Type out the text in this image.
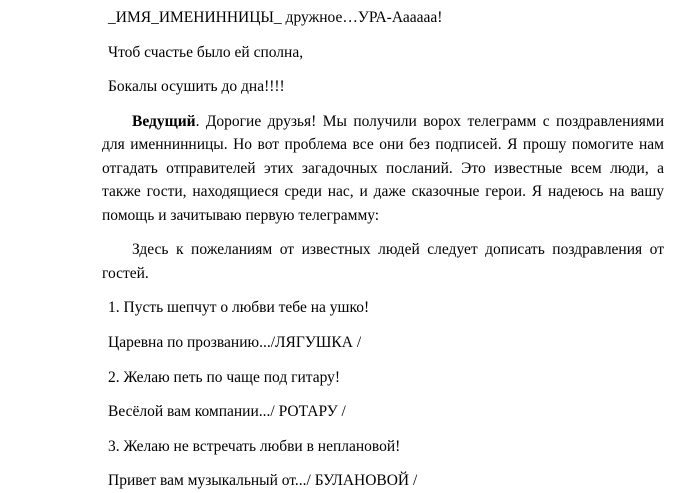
_ИМЯ_ИМЕНИННИЦЫ_ дружное…УРА-Аааааа!

Чтоб счастье было ей сполна,

Бокалы осушить до дна!!!!

Ведущий. Дорогие друзья! Мы получили ворох телеграмм с поздравлениями для именнинницы. Но вот проблема все они без подписей. Я прошу помогите нам отгадать отправителей этих загадочных посланий. Это известные всем люди, а также гости, находящиеся среди нас, и даже сказочные герои. Я надеюсь на вашу помощь и зачитываю первую телеграмму:

Здесь к пожеланиям от известных людей следует дописать поздравления от гостей.

1. Пусть шепчут о любви тебе на ушко!

Царевна по прозванию.../ЛЯГУШКА /

2. Желаю петь по чаще под гитару!

Весёлой вам компании.../ РОТАРУ /

3. Желаю не встречать любви в неплановой!

Привет вам музыкальный от.../ БУЛАНОВОЙ /
